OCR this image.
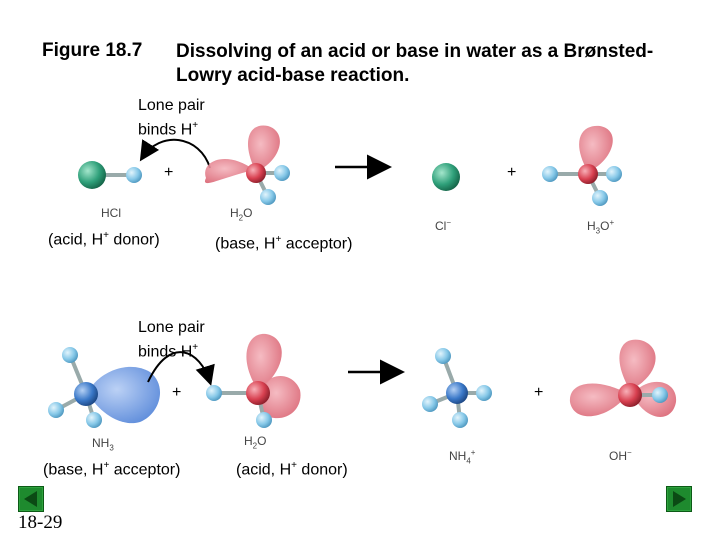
Figure 18.7 Dissolving of an acid or base in water as a Brønsted-Lowry acid-base reaction.
Lone pair
binds H+
+	+
HCl	$H_2O$
Cl−	$H_3O^+$
(acid, H+ donor)	(base, H+ acceptor)
Lone pair
binds H+
+	+
$NH_3$	$H_2O$
$NH_4^+$	OH−
(base, H+ acceptor)	(acid, H+ donor)
18-29
